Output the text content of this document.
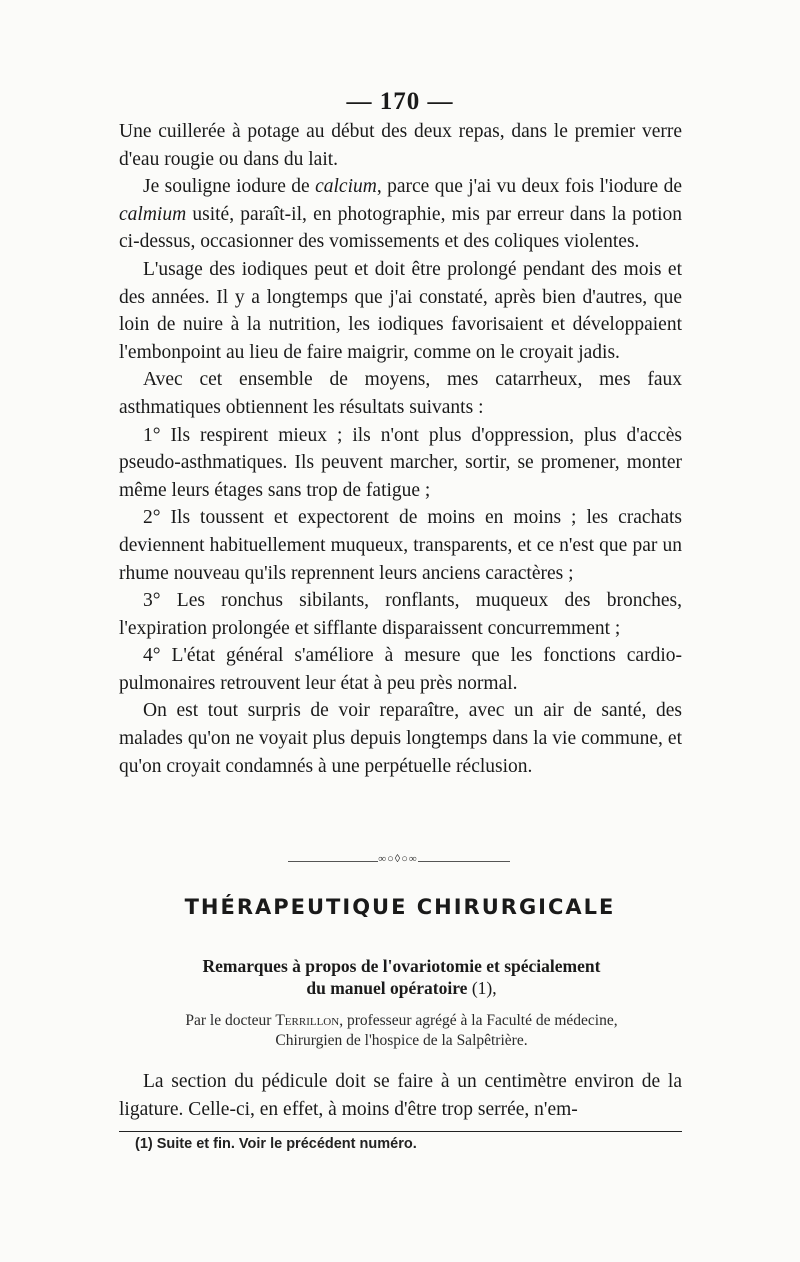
— 170 —

Une cuillerée à potage au début des deux repas, dans le premier verre d'eau rougie ou dans du lait.

Je souligne iodure de calcium, parce que j'ai vu deux fois l'iodure de calmium usité, paraît-il, en photographie, mis par erreur dans la potion ci-dessus, occasionner des vomissements et des coliques violentes.

L'usage des iodiques peut et doit être prolongé pendant des mois et des années. Il y a longtemps que j'ai constaté, après bien d'autres, que loin de nuire à la nutrition, les iodiques favorisaient et développaient l'embonpoint au lieu de faire maigrir, comme on le croyait jadis.

Avec cet ensemble de moyens, mes catarrheux, mes faux asthmatiques obtiennent les résultats suivants :

1° Ils respirent mieux ; ils n'ont plus d'oppression, plus d'accès pseudo-asthmatiques. Ils peuvent marcher, sortir, se promener, monter même leurs étages sans trop de fatigue ;

2° Ils toussent et expectorent de moins en moins ; les crachats deviennent habituellement muqueux, transparents, et ce n'est que par un rhume nouveau qu'ils reprennent leurs anciens caractères ;

3° Les ronchus sibilants, ronflants, muqueux des bronches, l'expiration prolongée et sifflante disparaissent concurremment ;

4° L'état général s'améliore à mesure que les fonctions cardio-pulmonaires retrouvent leur état à peu près normal.

On est tout surpris de voir reparaître, avec un air de santé, des malades qu'on ne voyait plus depuis longtemps dans la vie commune, et qu'on croyait condamnés à une perpétuelle réclusion.

∞○◊○∞
THÉRAPEUTIQUE CHIRURGICALE
Remarques à propos de l'ovariotomie et spécialement
du manuel opératoire (1),
Par le docteur Terrillon, professeur agrégé à la Faculté de médecine,
Chirurgien de l'hospice de la Salpêtrière.

La section du pédicule doit se faire à un centimètre environ de la ligature. Celle-ci, en effet, à moins d'être trop serrée, n'em-

(1) Suite et fin. Voir le précédent numéro.
